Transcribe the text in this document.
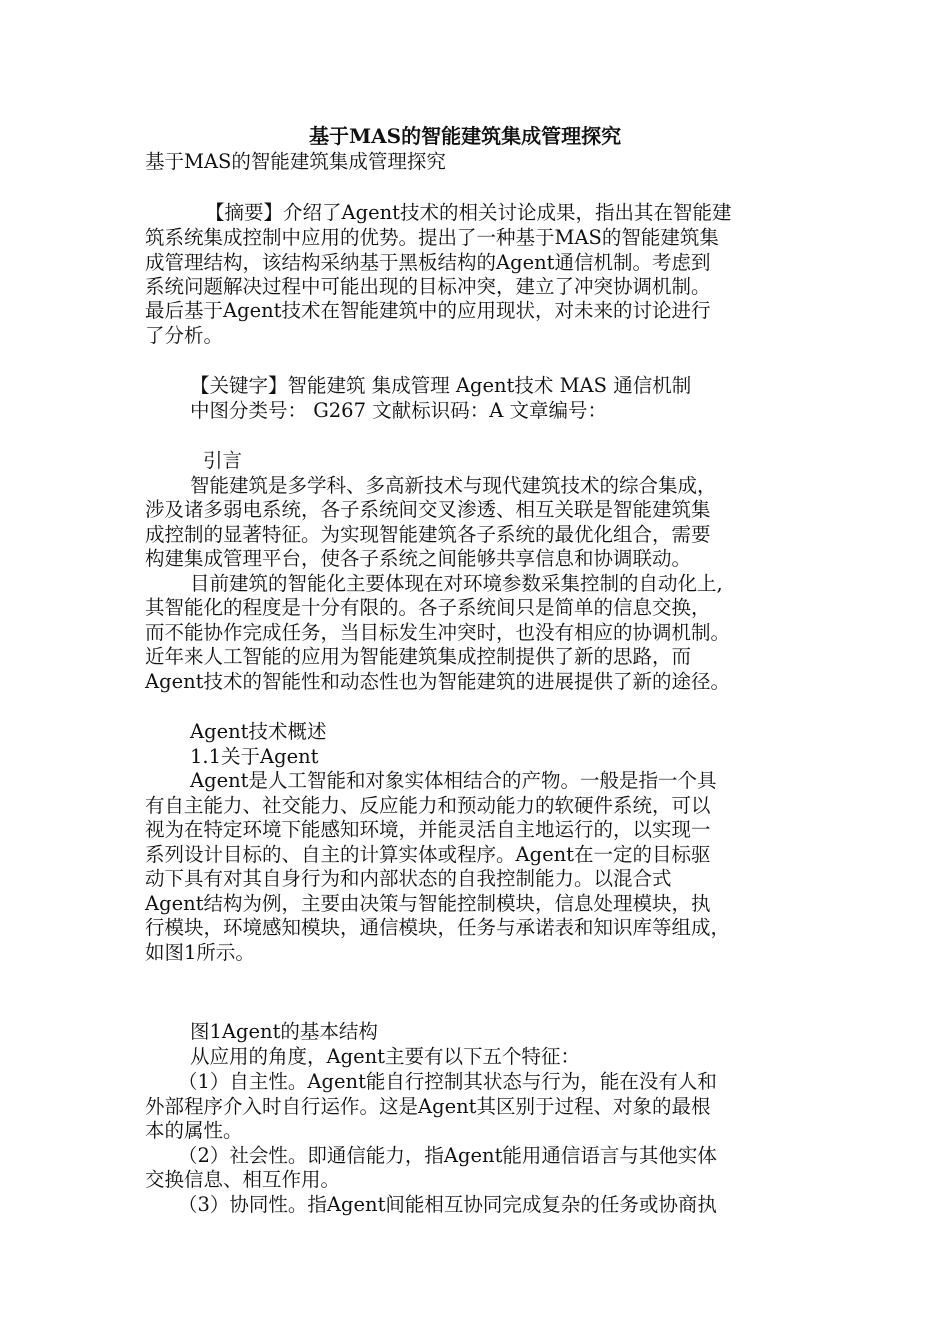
基于MAS的智能建筑集成管理探究

基于MAS的智能建筑集成管理探究

【摘要】介绍了Agent技术的相关讨论成果，指出其在智能建

筑系统集成控制中应用的优势。提出了一种基于MAS的智能建筑集

成管理结构，该结构采纳基于黑板结构的Agent通信机制。考虑到

系统问题解决过程中可能出现的目标冲突，建立了冲突协调机制。

最后基于Agent技术在智能建筑中的应用现状，对未来的讨论进行

了分析。

【关键字】智能建筑 集成管理 Agent技术 MAS 通信机制

中图分类号： G267 文献标识码：A 文章编号：

引言

智能建筑是多学科、多高新技术与现代建筑技术的综合集成，

涉及诸多弱电系统，各子系统间交叉渗透、相互关联是智能建筑集

成控制的显著特征。为实现智能建筑各子系统的最优化组合，需要

构建集成管理平台，使各子系统之间能够共享信息和协调联动。

目前建筑的智能化主要体现在对环境参数采集控制的自动化上,

其智能化的程度是十分有限的。各子系统间只是简单的信息交换，

而不能协作完成任务，当目标发生冲突时，也没有相应的协调机制。

近年来人工智能的应用为智能建筑集成控制提供了新的思路，而

Agent技术的智能性和动态性也为智能建筑的进展提供了新的途径。

Agent技术概述

1.1关于Agent

Agent是人工智能和对象实体相结合的产物。一般是指一个具

有自主能力、社交能力、反应能力和预动能力的软硬件系统，可以

视为在特定环境下能感知环境，并能灵活自主地运行的，以实现一

系列设计目标的、自主的计算实体或程序。Agent在一定的目标驱

动下具有对其自身行为和内部状态的自我控制能力。以混合式

Agent结构为例，主要由决策与智能控制模块，信息处理模块，执

行模块，环境感知模块，通信模块，任务与承诺表和知识库等组成，

如图1所示。

图1Agent的基本结构

从应用的角度，Agent主要有以下五个特征：

（1）自主性。Agent能自行控制其状态与行为，能在没有人和

外部程序介入时自行运作。这是Agent其区别于过程、对象的最根

本的属性。

（2）社会性。即通信能力，指Agent能用通信语言与其他实体

交换信息、相互作用。

（3）协同性。指Agent间能相互协同完成复杂的任务或协商执
